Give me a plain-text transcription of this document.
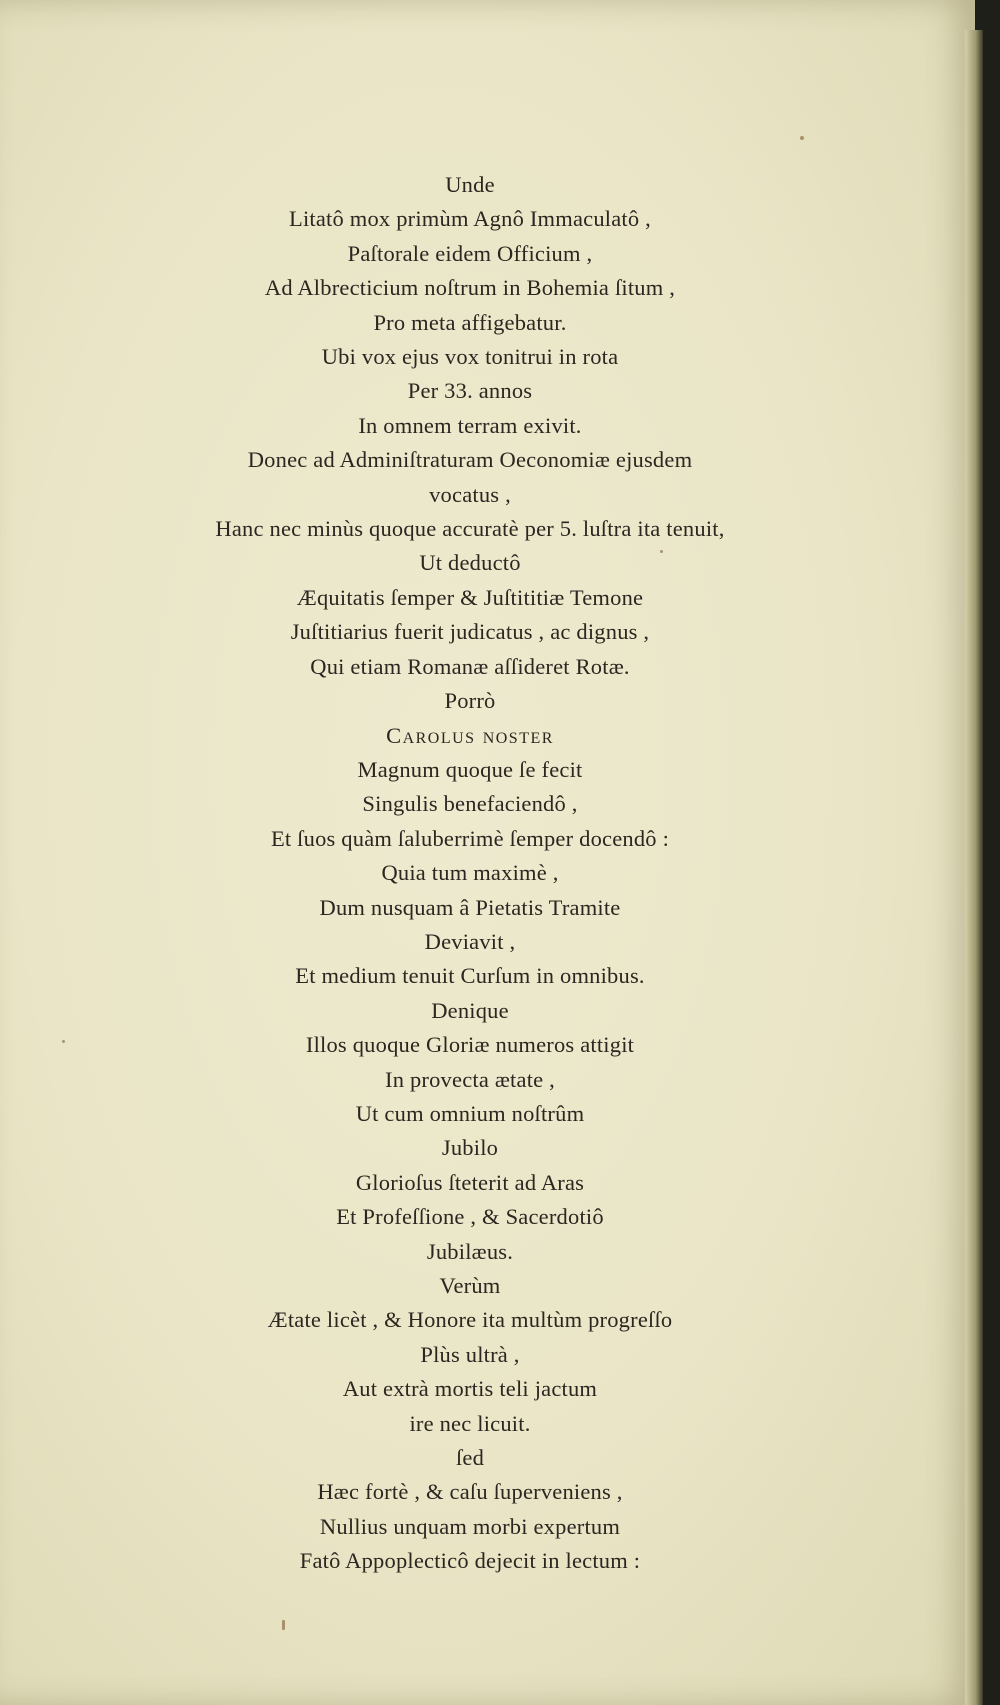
Unde
Litatô mox primùm Agnô Immaculatô ,
Paſtorale eidem Officium ,
Ad Albrecticium noſtrum in Bohemia ſitum ,
Pro meta affigebatur.
Ubi vox ejus vox tonitrui in rota
Per 33. annos
In omnem terram exivit.
Donec ad Adminiſtraturam Oeconomiæ ejusdem
vocatus ,
Hanc nec minùs quoque accuratè per 5. luſtra ita tenuit,
Ut deductô
Æquitatis ſemper & Juſtititiæ Temone
Juſtitiarius fuerit judicatus , ac dignus ,
Qui etiam Romanæ aſſideret Rotæ.
Porrò
Carolus noſter
Magnum quoque ſe fecit
Singulis benefaciendô ,
Et ſuos quàm ſaluberrimè ſemper docendô :
Quia tum maximè ,
Dum nusquam â Pietatis Tramite
Deviavit ,
Et medium tenuit Curſum in omnibus.
Denique
Illos quoque Gloriæ numeros attigit
In provecta ætate ,
Ut cum omnium noſtrûm
Jubilo
Glorioſus ſteterit ad Aras
Et Profeſſione , & Sacerdotiô
Jubilæus.
Verùm
Ætate licèt , & Honore ita multùm progreſſo
Plùs ultrà ,
Aut extrà mortis teli jactum
ire nec licuit.
ſed
Hæc fortè , & caſu ſuperveniens ,
Nullius unquam morbi expertum
Fatô Appoplecticô dejecit in lectum :
